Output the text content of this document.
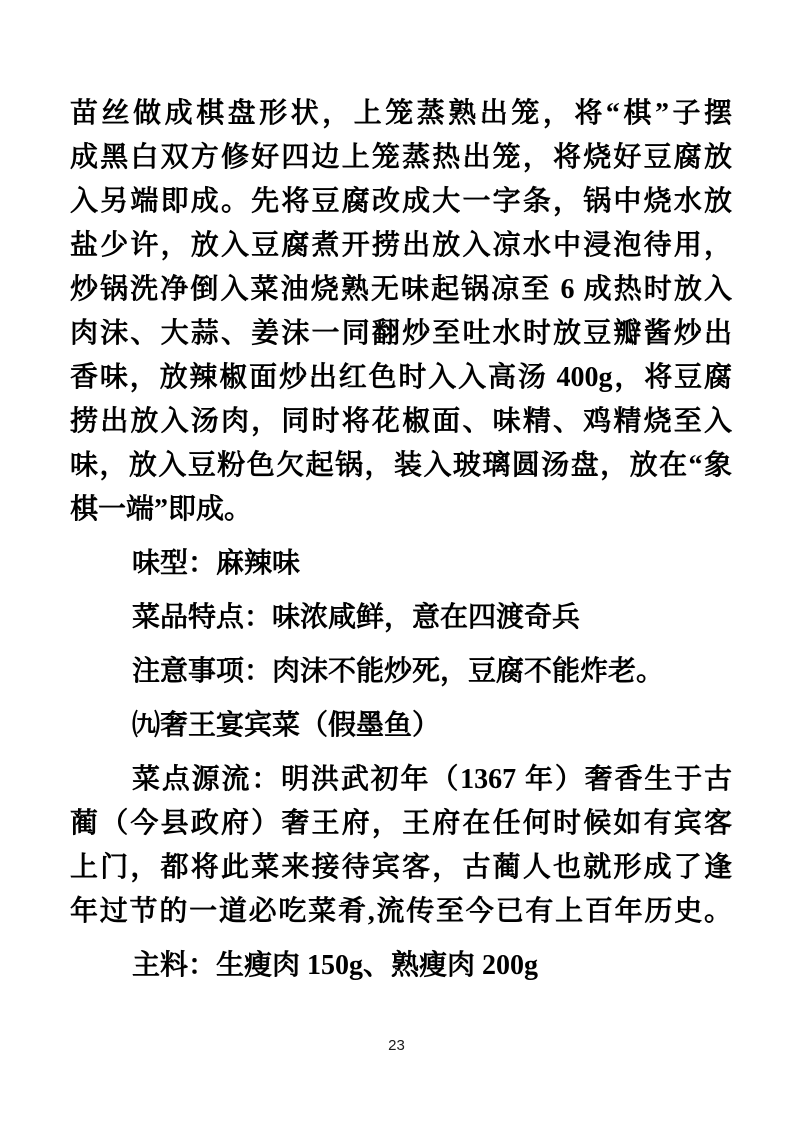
苗丝做成棋盘形状，上笼蒸熟出笼，将“棋”子摆
成黑白双方修好四边上笼蒸热出笼，将烧好豆腐放
入另端即成。先将豆腐改成大一字条，锅中烧水放
盐少许，放入豆腐煮开捞出放入凉水中浸泡待用，
炒锅洗净倒入菜油烧熟无味起锅凉至 6 成热时放入
肉沫、大蒜、姜沫一同翻炒至吐水时放豆瓣酱炒出
香味，放辣椒面炒出红色时入入高汤 400g，将豆腐
捞出放入汤肉，同时将花椒面、味精、鸡精烧至入
味，放入豆粉色欠起锅，装入玻璃圆汤盘，放在“象
棋一端”即成。
味型：麻辣味
菜品特点：味浓咸鲜，意在四渡奇兵
注意事项：肉沫不能炒死，豆腐不能炸老。
㈨奢王宴宾菜（假墨鱼）
菜点源流：明洪武初年（1367 年）奢香生于古
蔺（今县政府）奢王府，王府在任何时候如有宾客
上门，都将此菜来接待宾客，古蔺人也就形成了逢
年过节的一道必吃菜肴,流传至今已有上百年历史。
主料：生瘦肉 150g、熟瘦肉 200g
23
